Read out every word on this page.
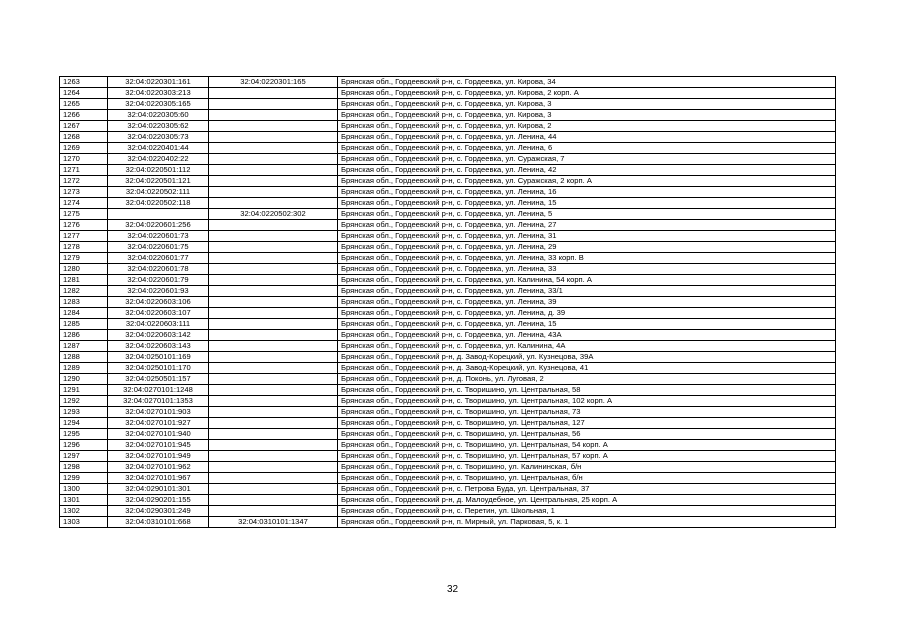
1263	32:04:0220301:161	32:04:0220301:165	Брянская обл., Гордеевский р-н, с. Гордеевка, ул. Кирова, 34
1264	32:04:0220303:213		Брянская обл., Гордеевский р-н, с. Гордеевка, ул. Кирова, 2 корп. А
1265	32:04:0220305:165		Брянская обл., Гордеевский р-н, с. Гордеевка, ул. Кирова, 3
1266	32:04:0220305:60		Брянская обл., Гордеевский р-н, с. Гордеевка, ул. Кирова, 3
1267	32:04:0220305:62		Брянская обл., Гордеевский р-н, с. Гордеевка, ул. Кирова, 2
1268	32:04:0220305:73		Брянская обл., Гордеевский р-н, с. Гордеевка, ул. Ленина, 44
1269	32:04:0220401:44		Брянская обл., Гордеевский р-н, с. Гордеевка, ул. Ленина, 6
1270	32:04:0220402:22		Брянская обл., Гордеевский р-н, с. Гордеевка, ул. Суражская, 7
1271	32:04:0220501:112		Брянская обл., Гордеевский р-н, с. Гордеевка, ул. Ленина, 42
1272	32:04:0220501:121		Брянская обл., Гордеевский р-н, с. Гордеевка, ул. Суражская, 2 корп. А
1273	32:04:0220502:111		Брянская обл., Гордеевский р-н, с. Гордеевка, ул. Ленина, 16
1274	32:04:0220502:118		Брянская обл., Гордеевский р-н, с. Гордеевка, ул. Ленина, 15
1275		32:04:0220502:302	Брянская обл., Гордеевский р-н, с. Гордеевка, ул. Ленина, 5
1276	32:04:0220601:256		Брянская обл., Гордеевский р-н, с. Гордеевка, ул. Ленина, 27
1277	32:04:0220601:73		Брянская обл., Гордеевский р-н, с. Гордеевка, ул. Ленина, 31
1278	32:04:0220601:75		Брянская обл., Гордеевский р-н, с. Гордеевка, ул. Ленина, 29
1279	32:04:0220601:77		Брянская обл., Гордеевский р-н, с. Гордеевка, ул. Ленина, 33 корп. В
1280	32:04:0220601:78		Брянская обл., Гордеевский р-н, с. Гордеевка, ул. Ленина, 33
1281	32:04:0220601:79		Брянская обл., Гордеевский р-н, с. Гордеевка, ул. Калинина, 54 корп. А
1282	32:04:0220601:93		Брянская обл., Гордеевский р-н, с. Гордеевка, ул. Ленина, 33/1
1283	32:04:0220603:106		Брянская обл., Гордеевский р-н, с. Гордеевка, ул. Ленина, 39
1284	32:04:0220603:107		Брянская обл., Гордеевский р-н, с. Гордеевка, ул. Ленина, д. 39
1285	32:04:0220603:111		Брянская обл., Гордеевский р-н, с. Гордеевка, ул. Ленина, 15
1286	32:04:0220603:142		Брянская обл., Гордеевский р-н, с. Гордеевка, ул. Ленина, 43А
1287	32:04:0220603:143		Брянская обл., Гордеевский р-н, с. Гордеевка, ул. Калинина, 4А
1288	32:04:0250101:169		Брянская обл., Гордеевский р-н, д. Завод-Корецкий, ул. Кузнецова, 39А
1289	32:04:0250101:170		Брянская обл., Гордеевский р-н, д. Завод-Корецкий, ул. Кузнецова, 41
1290	32:04:0250501:157		Брянская обл., Гордеевский р-н, д. Поконь, ул. Луговая, 2
1291	32:04:0270101:1248		Брянская обл., Гордеевский р-н, с. Творишино, ул. Центральная, 58
1292	32:04:0270101:1353		Брянская обл., Гордеевский р-н, с. Творишино, ул. Центральная, 102 корп. А
1293	32:04:0270101:903		Брянская обл., Гордеевский р-н, с. Творишино, ул. Центральная, 73
1294	32:04:0270101:927		Брянская обл., Гордеевский р-н, с. Творишино, ул. Центральная, 127
1295	32:04:0270101:940		Брянская обл., Гордеевский р-н, с. Творишино, ул. Центральная, 56
1296	32:04:0270101:945		Брянская обл., Гордеевский р-н, с. Творишино, ул. Центральная, 54 корп. А
1297	32:04:0270101:949		Брянская обл., Гордеевский р-н, с. Творишино, ул. Центральная, 57 корп. А
1298	32:04:0270101:962		Брянская обл., Гордеевский р-н, с. Творишино, ул. Калининская, б/н
1299	32:04:0270101:967		Брянская обл., Гордеевский р-н, с. Творишино, ул. Центральная, б/н
1300	32:04:0290101:301		Брянская обл., Гордеевский р-н, с. Петрова Буда, ул. Центральная, 37
1301	32:04:0290201:155		Брянская обл., Гордеевский р-н, д. Малоудебное, ул. Центральная, 25 корп. А
1302	32:04:0290301:249		Брянская обл., Гордеевский р-н, с. Перетин, ул. Школьная, 1
1303	32:04:0310101:668	32:04:0310101:1347	Брянская обл., Гордеевский р-н, п. Мирный, ул. Парковая, 5, к. 1
32
